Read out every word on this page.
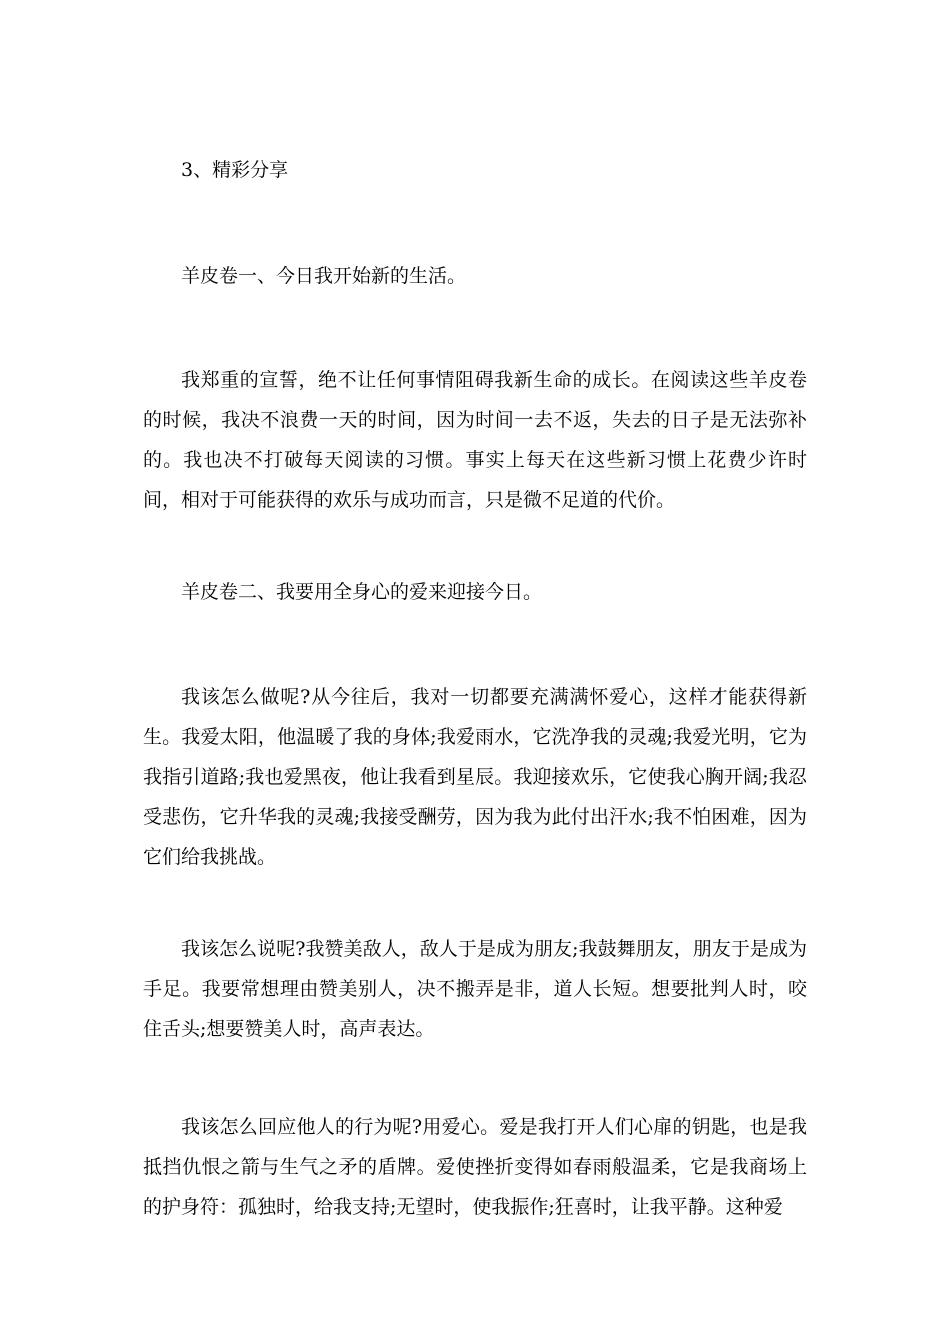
3、精彩分享

羊皮卷一、今日我开始新的生活。

我郑重的宣誓，绝不让任何事情阻碍我新生命的成长。在阅读这些羊皮卷的时候，我决不浪费一天的时间，因为时间一去不返，失去的日子是无法弥补的。我也决不打破每天阅读的习惯。事实上每天在这些新习惯上花费少许时间，相对于可能获得的欢乐与成功而言，只是微不足道的代价。

羊皮卷二、我要用全身心的爱来迎接今日。

我该怎么做呢?从今往后，我对一切都要充满满怀爱心，这样才能获得新生。我爱太阳，他温暖了我的身体;我爱雨水，它洗净我的灵魂;我爱光明，它为我指引道路;我也爱黑夜，他让我看到星辰。我迎接欢乐，它使我心胸开阔;我忍受悲伤，它升华我的灵魂;我接受酬劳，因为我为此付出汗水;我不怕困难，因为它们给我挑战。

我该怎么说呢?我赞美敌人，敌人于是成为朋友;我鼓舞朋友，朋友于是成为手足。我要常想理由赞美别人，决不搬弄是非，道人长短。想要批判人时，咬住舌头;想要赞美人时，高声表达。

我该怎么回应他人的行为呢?用爱心。爱是我打开人们心扉的钥匙，也是我抵挡仇恨之箭与生气之矛的盾牌。爱使挫折变得如春雨般温柔，它是我商场上的护身符：孤独时，给我支持;无望时，使我振作;狂喜时，让我平静。这种爱
